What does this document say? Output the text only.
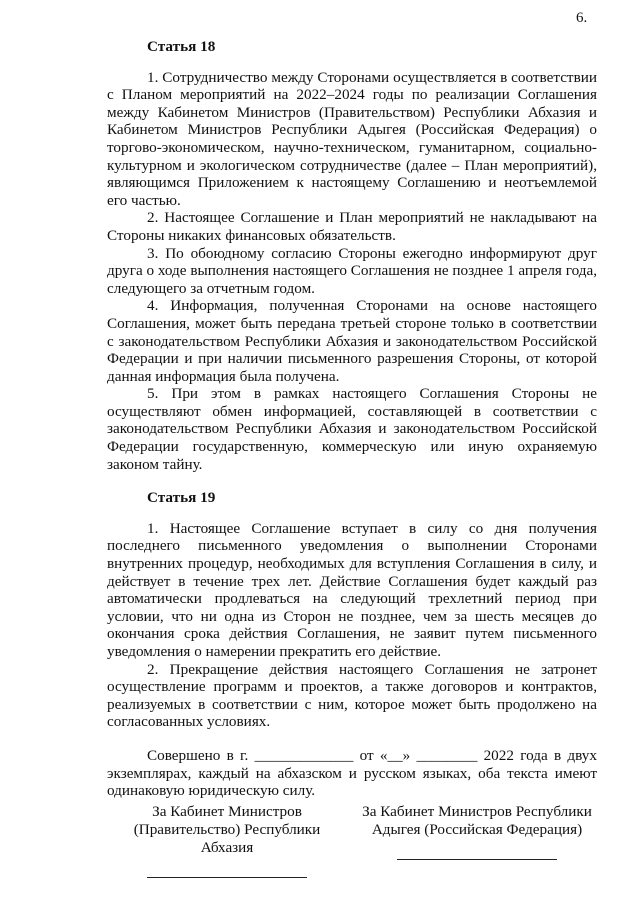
6.
Статья 18

1. Сотрудничество между Сторонами осуществляется в соответствии с Планом мероприятий на 2022–2024 годы по реализации Соглашения между Кабинетом Министров (Правительством) Республики Абхазия и Кабинетом Министров Республики Адыгея (Российская Федерация) о торгово-экономическом, научно-техническом, гуманитарном, социально-культурном и экологическом сотрудничестве (далее – План мероприятий), являющимся Приложением к настоящему Соглашению и неотъемлемой его частью.

2. Настоящее Соглашение и План мероприятий не накладывают на Стороны никаких финансовых обязательств.

3. По обоюдному согласию Стороны ежегодно информируют друг друга о ходе выполнения настоящего Соглашения не позднее 1 апреля года, следующего за отчетным годом.

4. Информация, полученная Сторонами на основе настоящего Соглашения, может быть передана третьей стороне только в соответствии с законодательством Республики Абхазия и законодательством Российской Федерации и при наличии письменного разрешения Стороны, от которой данная информация была получена.

5. При этом в рамках настоящего Соглашения Стороны не осуществляют обмен информацией, составляющей в соответствии с законодательством Республики Абхазия и законодательством Российской Федерации государственную, коммерческую или иную охраняемую законом тайну.

Статья 19

1. Настоящее Соглашение вступает в силу со дня получения последнего письменного уведомления о выполнении Сторонами внутренних процедур, необходимых для вступления Соглашения в силу, и действует в течение трех лет. Действие Соглашения будет каждый раз автоматически продлеваться на следующий трехлетний период при условии, что ни одна из Сторон не позднее, чем за шесть месяцев до окончания срока действия Соглашения, не заявит путем письменного уведомления о намерении прекратить его действие.

2. Прекращение действия настоящего Соглашения не затронет осуществление программ и проектов, а также договоров и контрактов, реализуемых в соответствии с ним, которое может быть продолжено на согласованных условиях.

Совершено в г. _____________ от «__» ________ 2022 года в двух экземплярах, каждый на абхазском и русском языках, оба текста имеют одинаковую юридическую силу.

За Кабинет Министров
(Правительство) Республики Абхазия
За Кабинет Министров Республики
Адыгея (Российская Федерация)
